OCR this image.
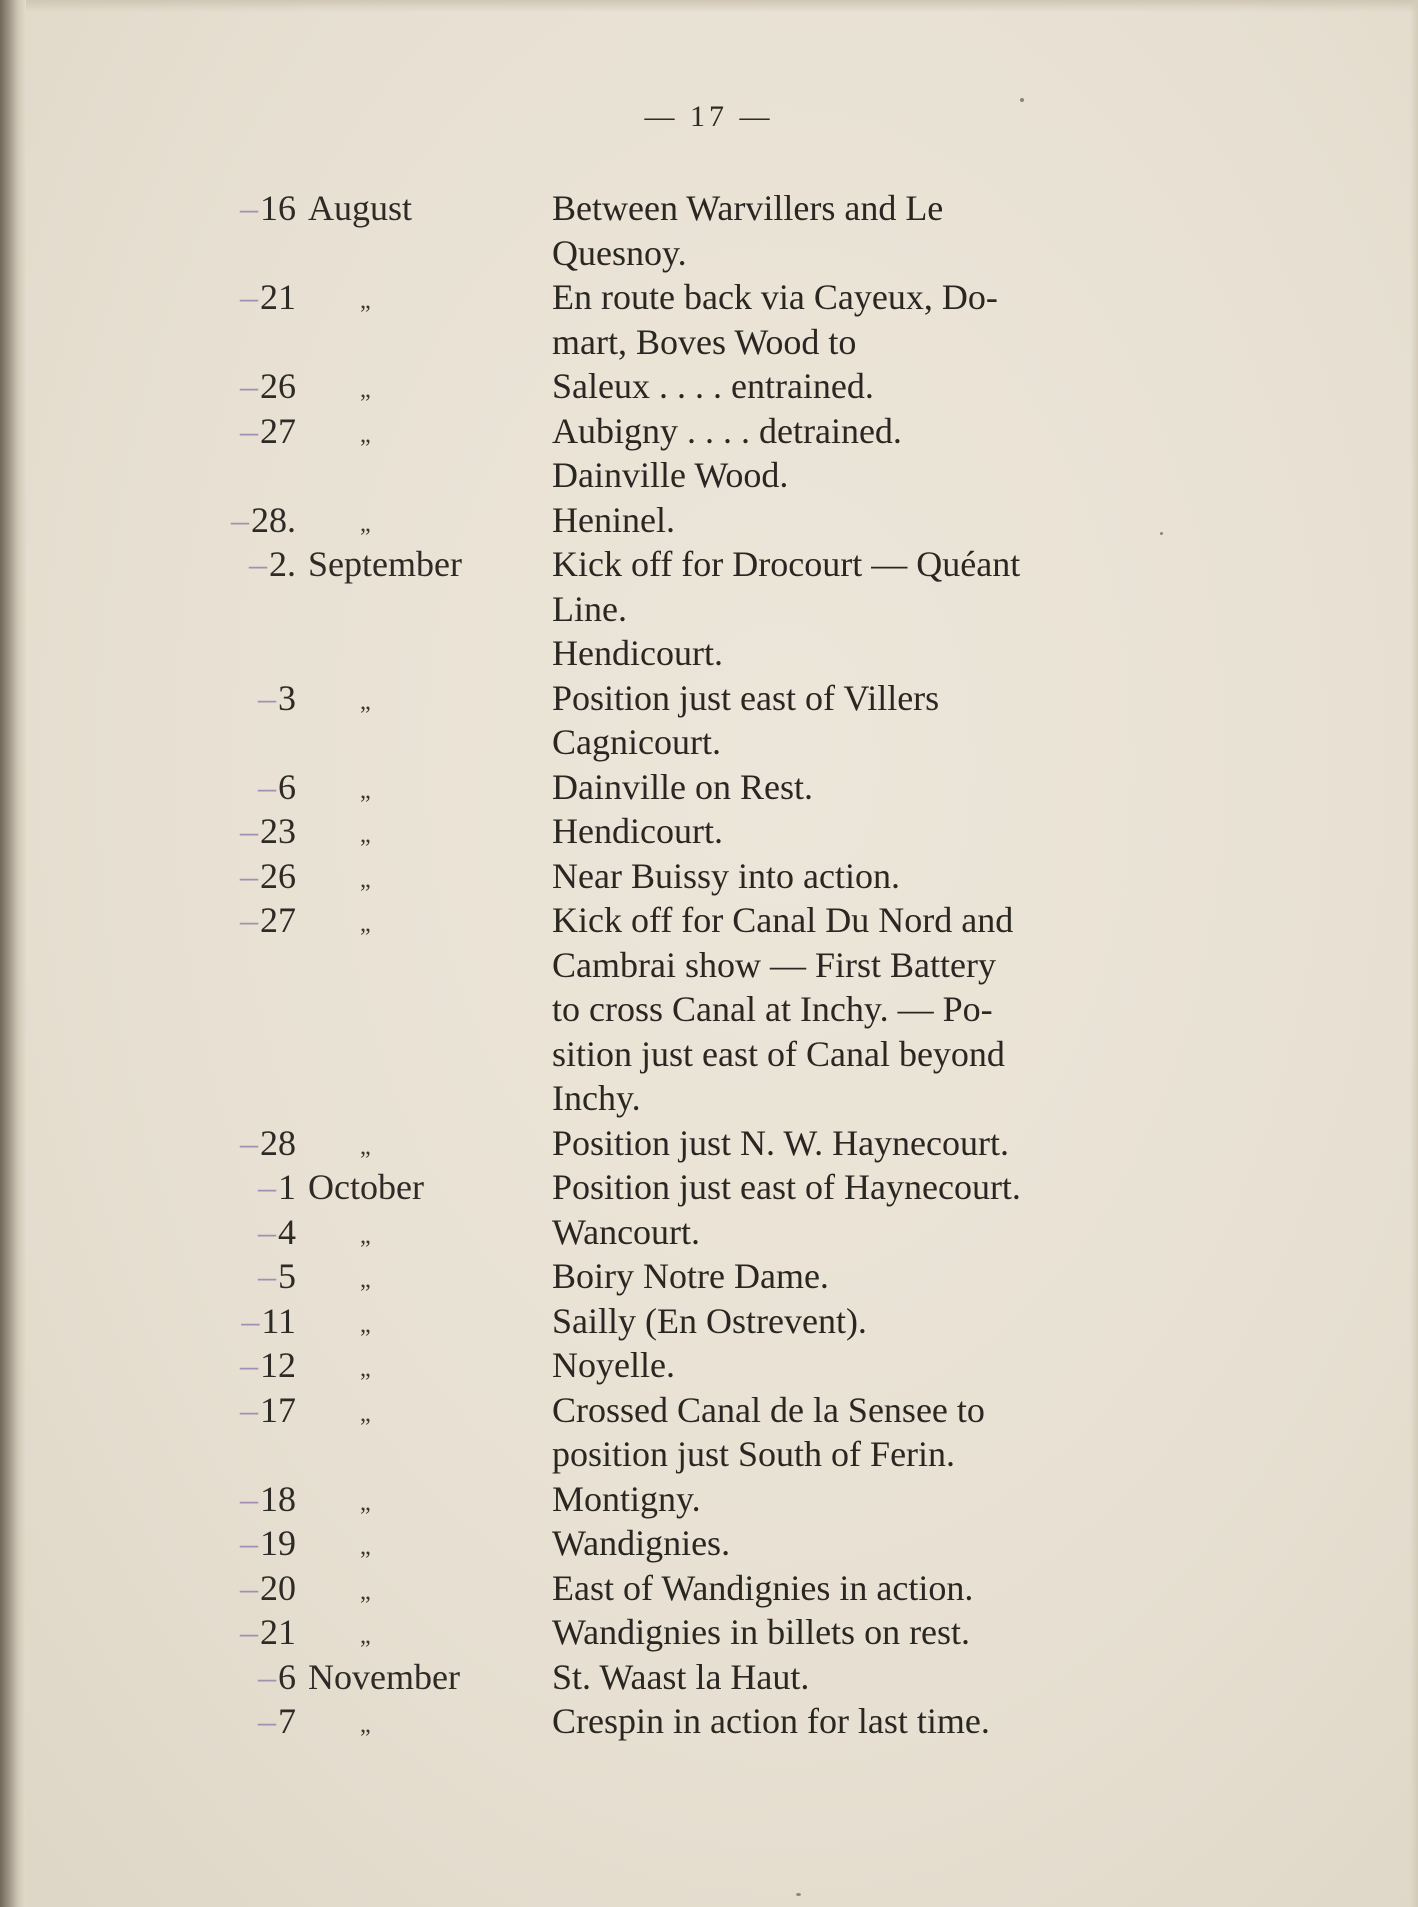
— 17 —
–16 August	Between Warvillers and Le
Quesnoy.
–21	„	En route back via Cayeux, Do-
mart, Boves Wood to
–26	„	Saleux . . . . entrained.
–27	„	Aubigny . . . . detrained.
Dainville Wood.
–28.	„	Heninel.
–2. September	Kick off for Drocourt — Quéant
Line.
Hendicourt.
–3	„	Position just east of Villers
Cagnicourt.
–6	„	Dainville on Rest.
–23	„	Hendicourt.
–26	„	Near Buissy into action.
–27	„	Kick off for Canal Du Nord and
Cambrai show — First Battery
to cross Canal at Inchy. — Po-
sition just east of Canal beyond
Inchy.
–28	„	Position just N. W. Haynecourt.
–1 October	Position just east of Haynecourt.
–4	„	Wancourt.
–5	„	Boiry Notre Dame.
–11	„	Sailly (En Ostrevent).
–12	„	Noyelle.
–17	„	Crossed Canal de la Sensee to
position just South of Ferin.
–18	„	Montigny.
–19	„	Wandignies.
–20	„	East of Wandignies in action.
–21	„	Wandignies in billets on rest.
–6 November	St. Waast la Haut.
–7	„	Crespin in action for last time.
